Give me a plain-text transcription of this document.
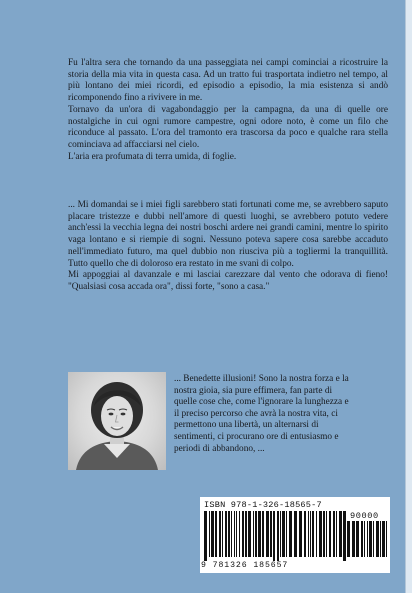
Fu l'altra sera che tornando da una passeggiata nei campi cominciai a ricostruire la storia della mia vita in questa casa. Ad un tratto fui trasportata indietro nel tempo, al più lontano dei miei ricordi, ed episodio a episodio, la mia esistenza si andò ricomponendo fino a rivivere in me.
Tornavo da un'ora di vagabondaggio per la campagna, da una di quelle ore nostalgiche in cui ogni rumore campestre, ogni odore noto, è come un filo che riconduce al passato. L'ora del tramonto era trascorsa da poco e qualche rara stella cominciava ad affacciarsi nel cielo.
L'aria era profumata di terra umida, di foglie.
... Mi domandai se i miei figli sarebbero stati fortunati come me, se avrebbero saputo placare tristezze e dubbi nell'amore di questi luoghi, se avrebbero potuto vedere anch'essi la vecchia legna dei nostri boschi ardere nei grandi camini, mentre lo spirito vaga lontano e si riempie di sogni. Nessuno poteva sapere cosa sarebbe accaduto nell'immediato futuro, ma quel dubbio non riusciva più a togliermi la tranquillità. Tutto quello che di doloroso era restato in me svanì di colpo.
Mi appoggiai al davanzale e mi lasciai carezzare dal vento che odorava di fieno! "Qualsiasi cosa accada ora", dissi forte, "sono a casa."
... Benedette illusioni! Sono la nostra forza e la nostra gioia, sia pure effimera, fan parte di quelle cose che, come l'ignorare la lunghezza e il preciso percorso che avrà la nostra vita, ci permettono una libertà, un alternarsi di sentimenti, ci procurano ore di entusiasmo e periodi di abbandono, ...
ISBN 978-1-326-18565-7
90000
9 781326 185657
